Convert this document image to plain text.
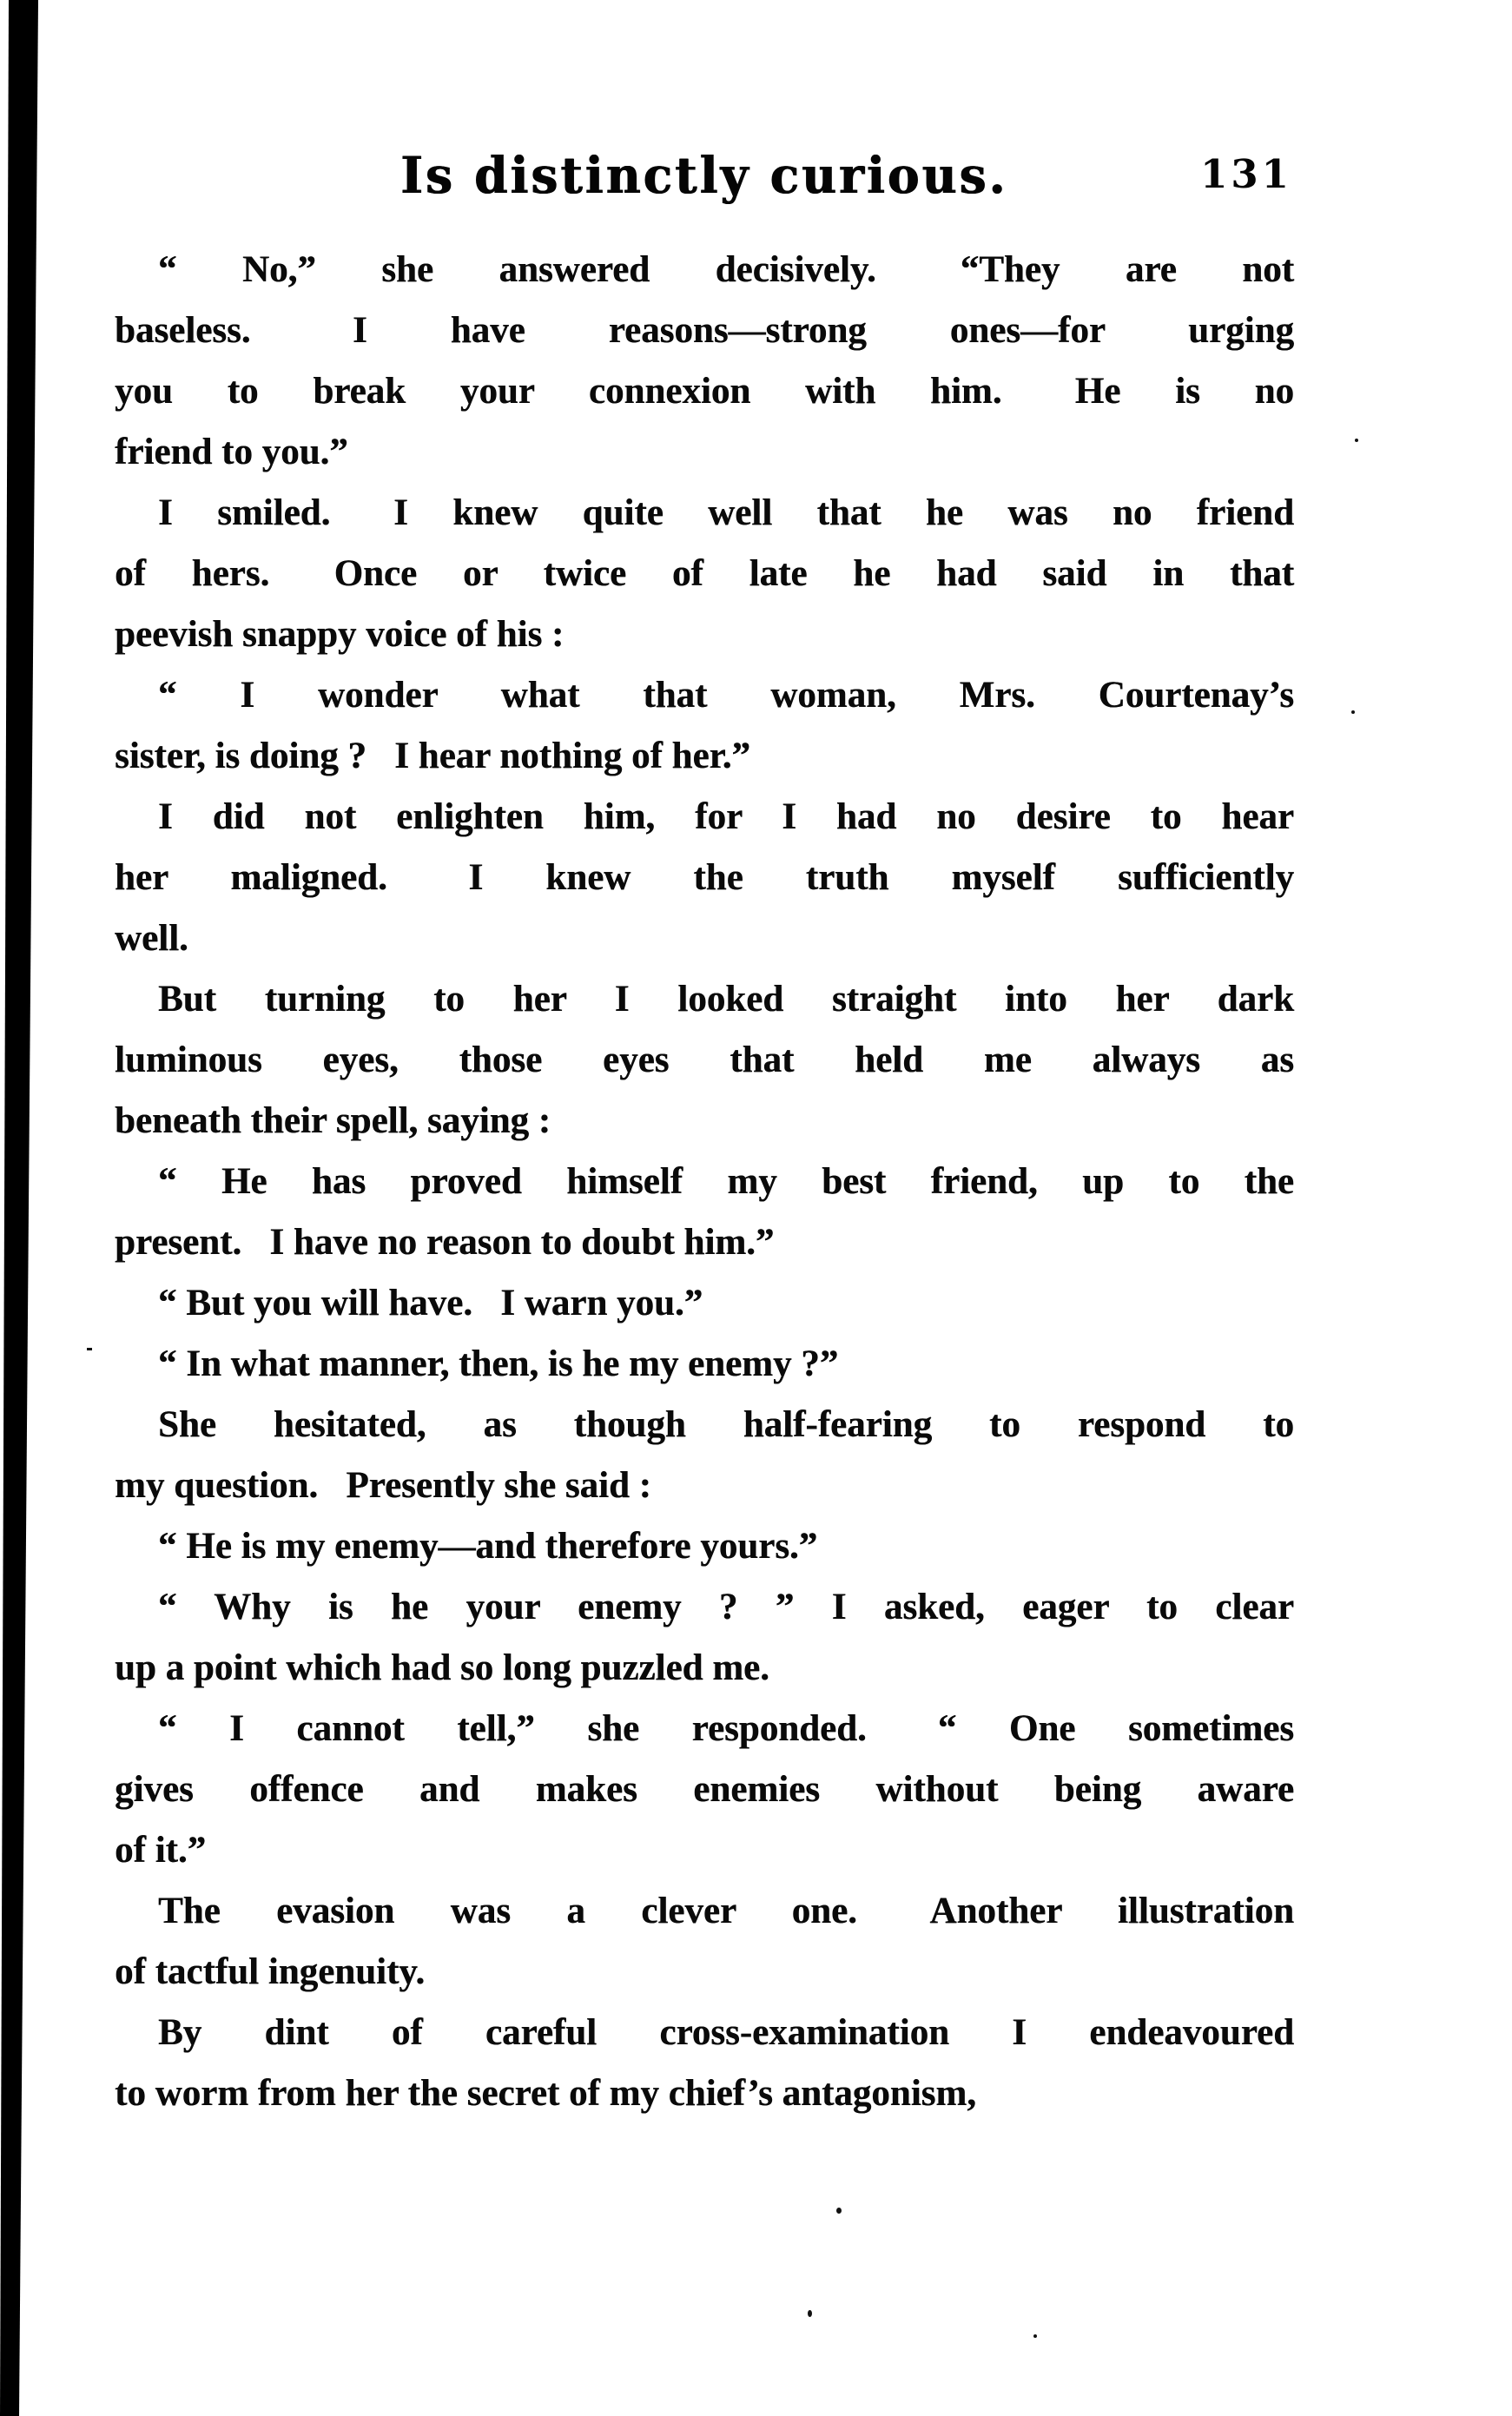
Is distinctly curious.	131
“ No,” she answered decisively.  “They are not
baseless.  I have reasons—strong ones—for urging
you to break your connexion with him.  He is no
friend to you.”
I smiled.  I knew quite well that he was no friend
of hers.  Once or twice of late he had said in that
peevish snappy voice of his :
“ I wonder what that woman, Mrs. Courtenay’s
sister, is doing ?  I hear nothing of her.”
I did not enlighten him, for I had no desire to hear
her maligned.  I knew the truth myself sufficiently
well.
But turning to her I looked straight into her dark
luminous eyes, those eyes that held me always as
beneath their spell, saying :
“ He has proved himself my best friend, up to the
present.  I have no reason to doubt him.”
“ But you will have.  I warn you.”
“ In what manner, then, is he my enemy ?”
She hesitated, as though half-fearing to respond to
my question.  Presently she said :
“ He is my enemy—and therefore yours.”
“ Why is he your enemy ? ” I asked, eager to clear
up a point which had so long puzzled me.
“ I cannot tell,” she responded.  “ One sometimes
gives offence and makes enemies without being aware
of it.”
The evasion was a clever one.  Another illustration
of tactful ingenuity.
By dint of careful cross-examination I endeavoured
to worm from her the secret of my chief’s antagonism,
